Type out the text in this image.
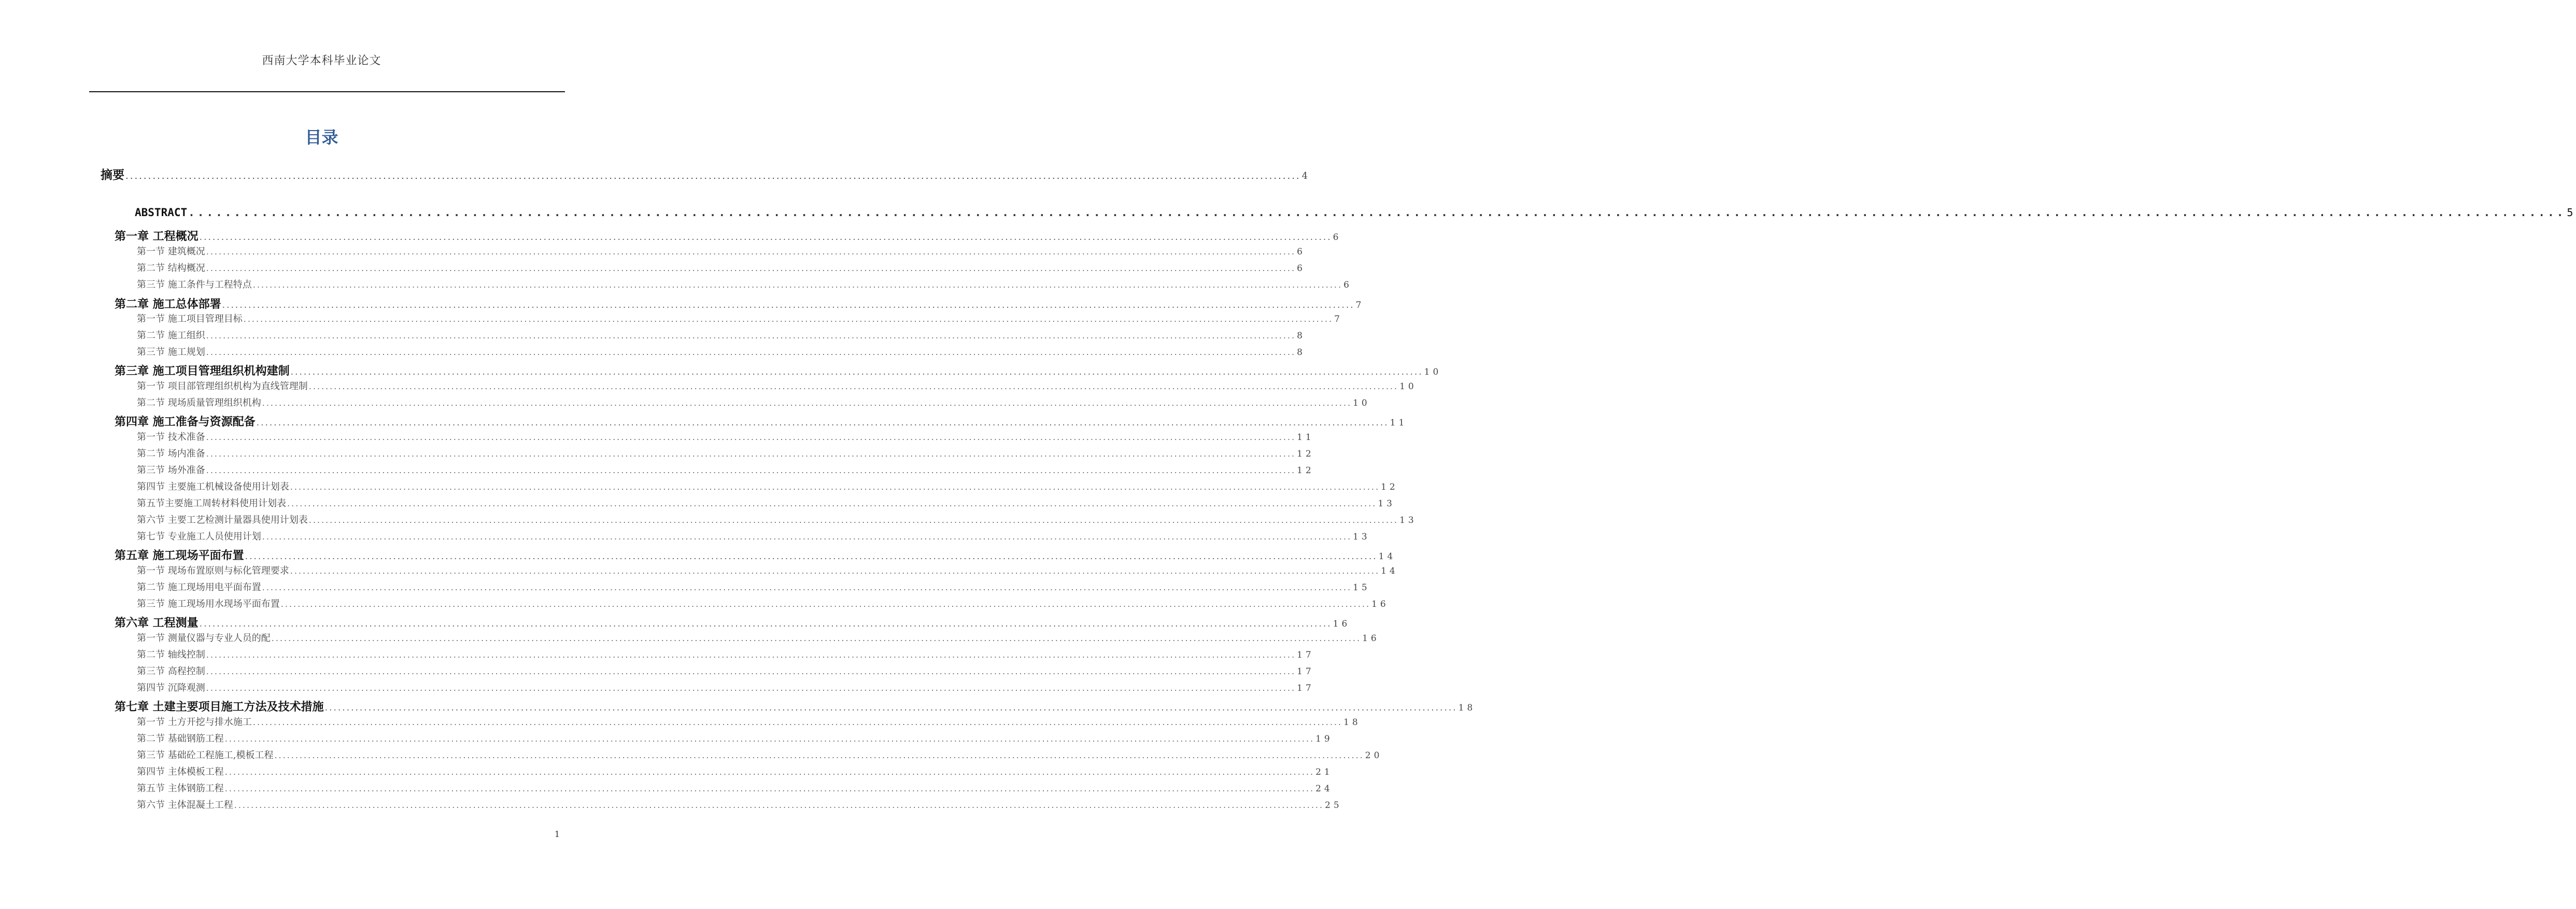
西南大学本科毕业论文
目录
摘要 .....	4
ABSTRACT .....	5
第一章 工程概况 .....	6
第一节 建筑概况 .....	6
第二节 结构概况 .....	6
第三节 施工条件与工程特点 .....	6
第二章 施工总体部署 .....	7
第一节 施工项目管理目标 .....	7
第二节 施工组织 .....	8
第三节 施工规划 .....	8
第三章 施工项目管理组织机构建制 .....	10
第一节 项目部管理组织机构为直线管理制 .....	10
第二节 现场质量管理组织机构 .....	10
第四章 施工准备与资源配备 .....	11
第一节 技术准备 .....	11
第二节 场内准备 .....	12
第三节 场外准备 .....	12
第四节 主要施工机械设备使用计划表 .....	12
第五节主要施工周转材料使用计划表 .....	13
第六节 主要工艺检测计量器具使用计划表 .....	13
第七节 专业施工人员使用计划 .....	13
第五章 施工现场平面布置 .....	14
第一节 现场布置原则与标化管理要求 .....	14
第二节 施工现场用电平面布置 .....	15
第三节 施工现场用水现场平面布置 .....	16
第六章 工程测量 .....	16
第一节 测量仪器与专业人员的配 .....	16
第二节 轴线控制 .....	17
第三节 高程控制 .....	17
第四节 沉降观测 .....	17
第七章 土建主要项目施工方法及技术措施 .....	18
第一节 土方开挖与排水施工 .....	18
第二节 基础钢筋工程 .....	19
第三节 基础砼工程施工,模板工程 .....	20
第四节 主体模板工程 .....	21
第五节 主体钢筋工程 .....	24
第六节 主体混凝土工程 .....	25
1
